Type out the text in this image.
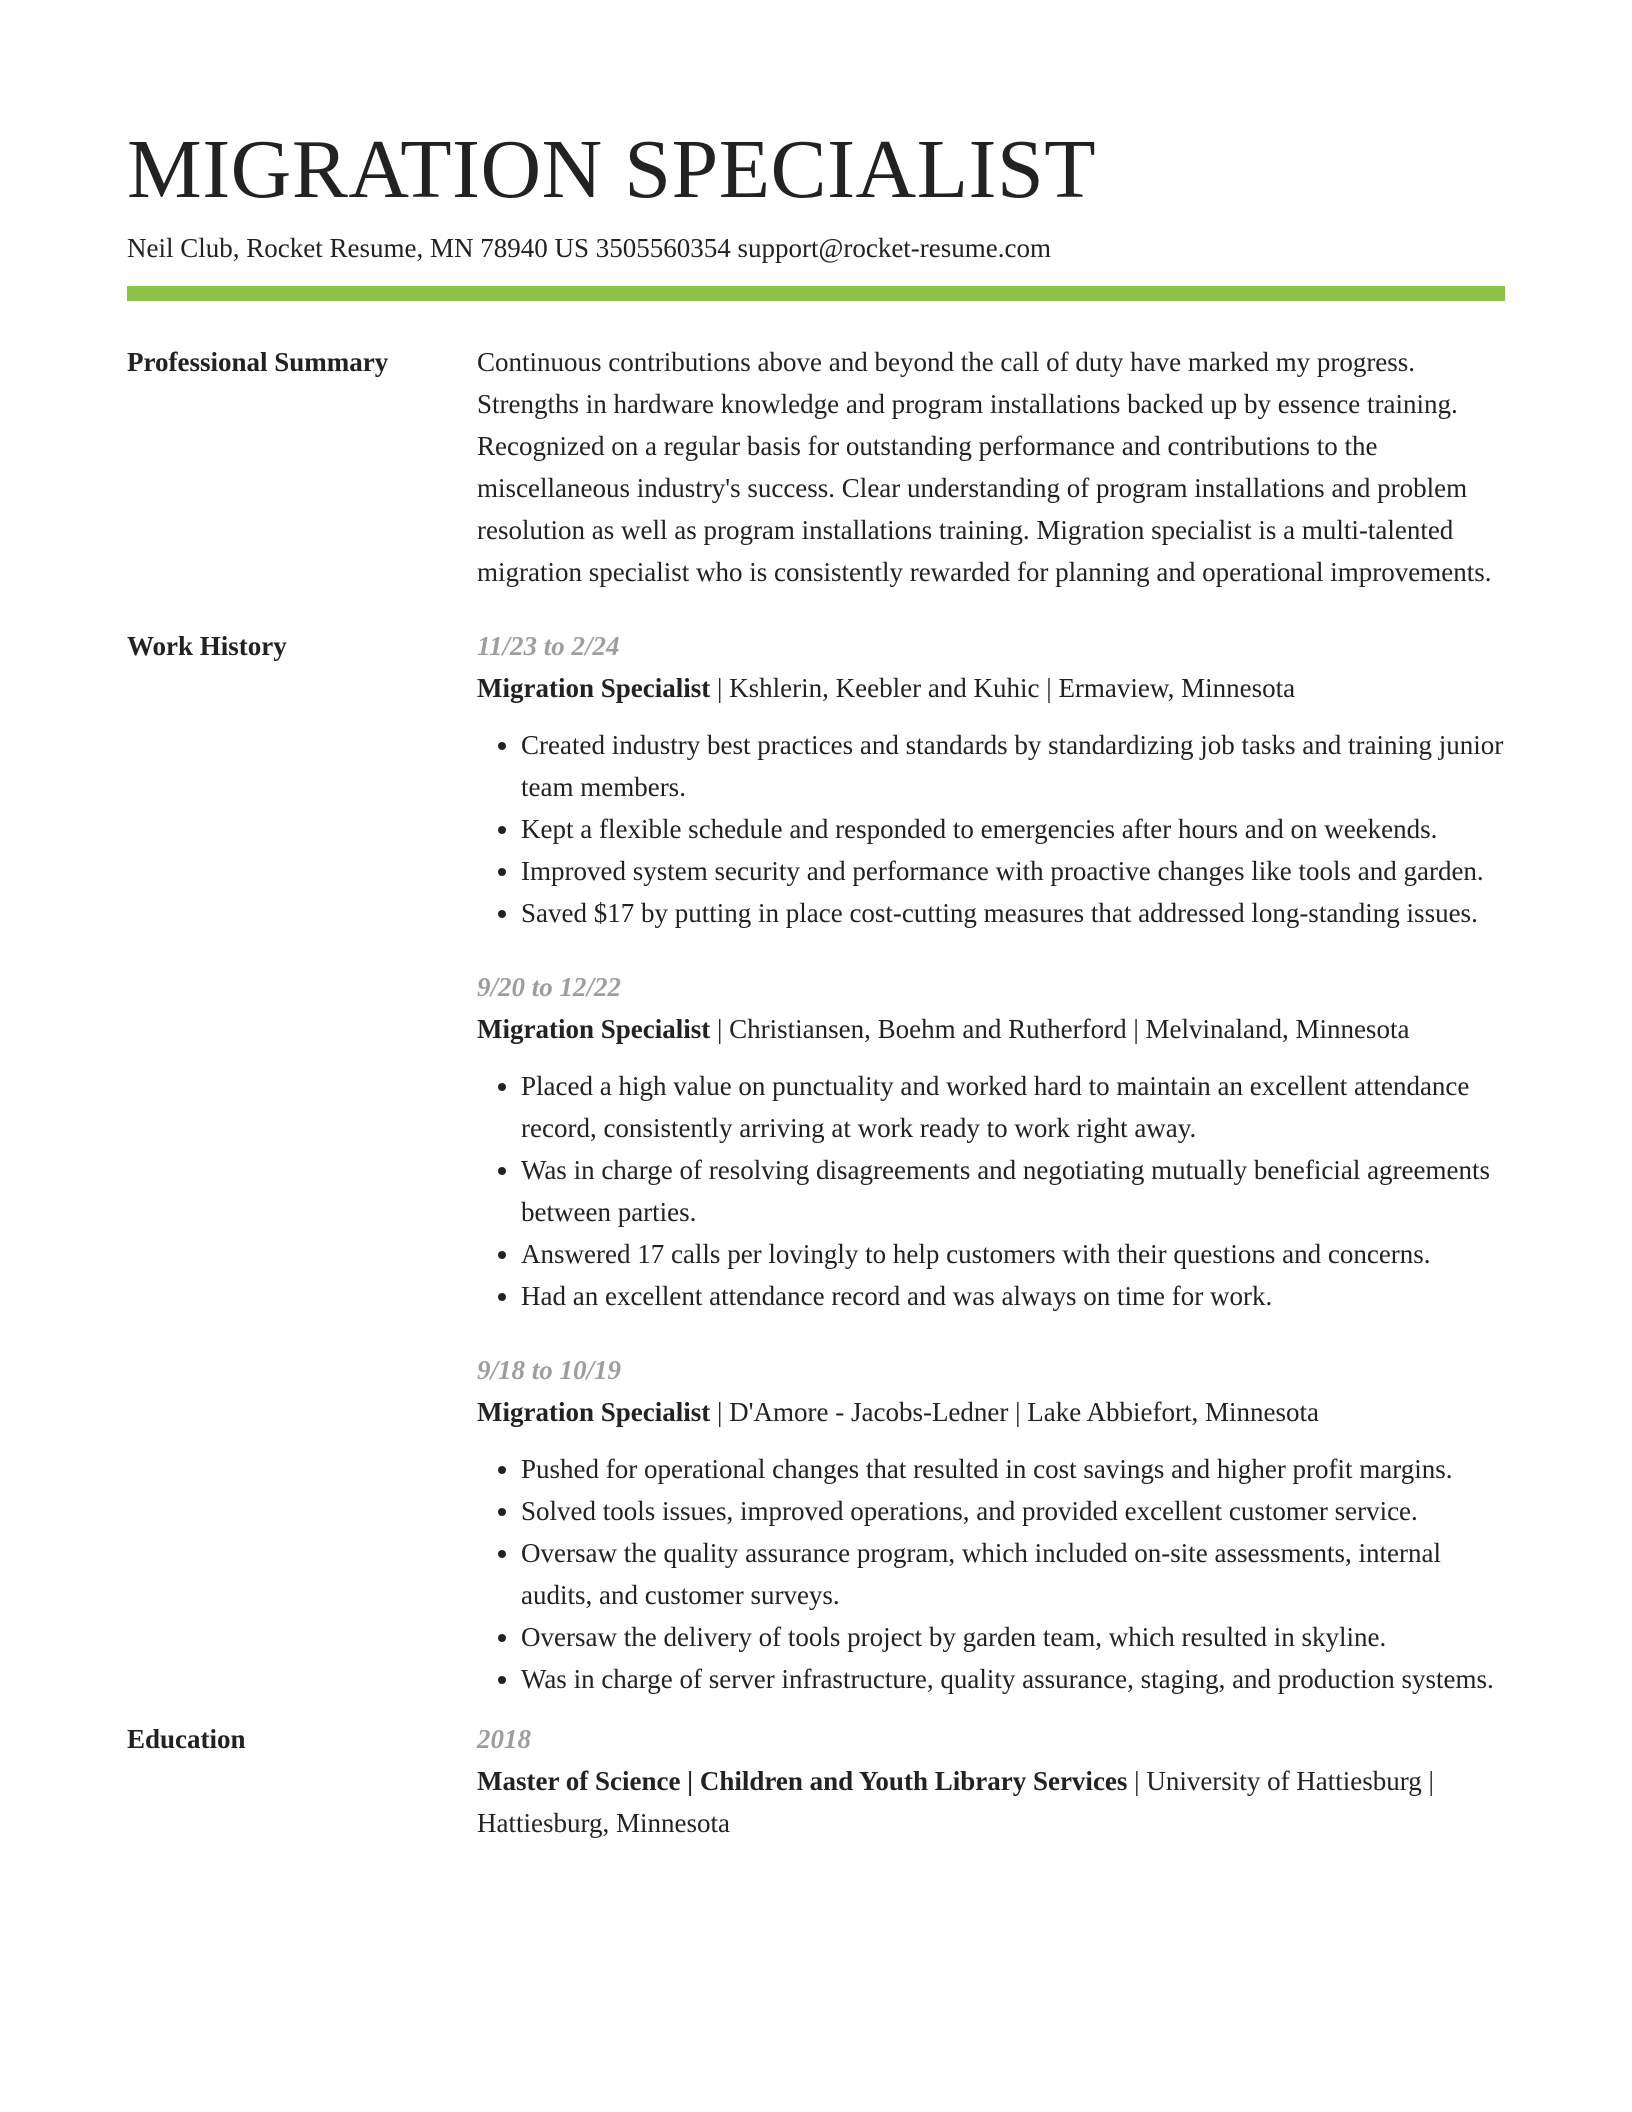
MIGRATION SPECIALIST
Neil Club, Rocket Resume, MN 78940 US 3505560354 support@rocket-resume.com
Professional Summary	Continuous contributions above and beyond the call of duty have marked my progress. Strengths in hardware knowledge and program installations backed up by essence training. Recognized on a regular basis for outstanding performance and contributions to the miscellaneous industry's success. Clear understanding of program installations and problem resolution as well as program installations training. Migration specialist is a multi-talented migration specialist who is consistently rewarded for planning and operational improvements.
Work History	11/23 to 2/24
Migration Specialist | Kshlerin, Keebler and Kuhic | Ermaview, Minnesota
• Created industry best practices and standards by standardizing job tasks and training junior team members.
• Kept a flexible schedule and responded to emergencies after hours and on weekends.
• Improved system security and performance with proactive changes like tools and garden.
• Saved $17 by putting in place cost-cutting measures that addressed long-standing issues.
9/20 to 12/22
Migration Specialist | Christiansen, Boehm and Rutherford | Melvinaland, Minnesota
• Placed a high value on punctuality and worked hard to maintain an excellent attendance record, consistently arriving at work ready to work right away.
• Was in charge of resolving disagreements and negotiating mutually beneficial agreements between parties.
• Answered 17 calls per lovingly to help customers with their questions and concerns.
• Had an excellent attendance record and was always on time for work.
9/18 to 10/19
Migration Specialist | D'Amore - Jacobs-Ledner | Lake Abbiefort, Minnesota
• Pushed for operational changes that resulted in cost savings and higher profit margins.
• Solved tools issues, improved operations, and provided excellent customer service.
• Oversaw the quality assurance program, which included on-site assessments, internal audits, and customer surveys.
• Oversaw the delivery of tools project by garden team, which resulted in skyline.
• Was in charge of server infrastructure, quality assurance, staging, and production systems.
Education	2018
Master of Science | Children and Youth Library Services | University of Hattiesburg | Hattiesburg, Minnesota
